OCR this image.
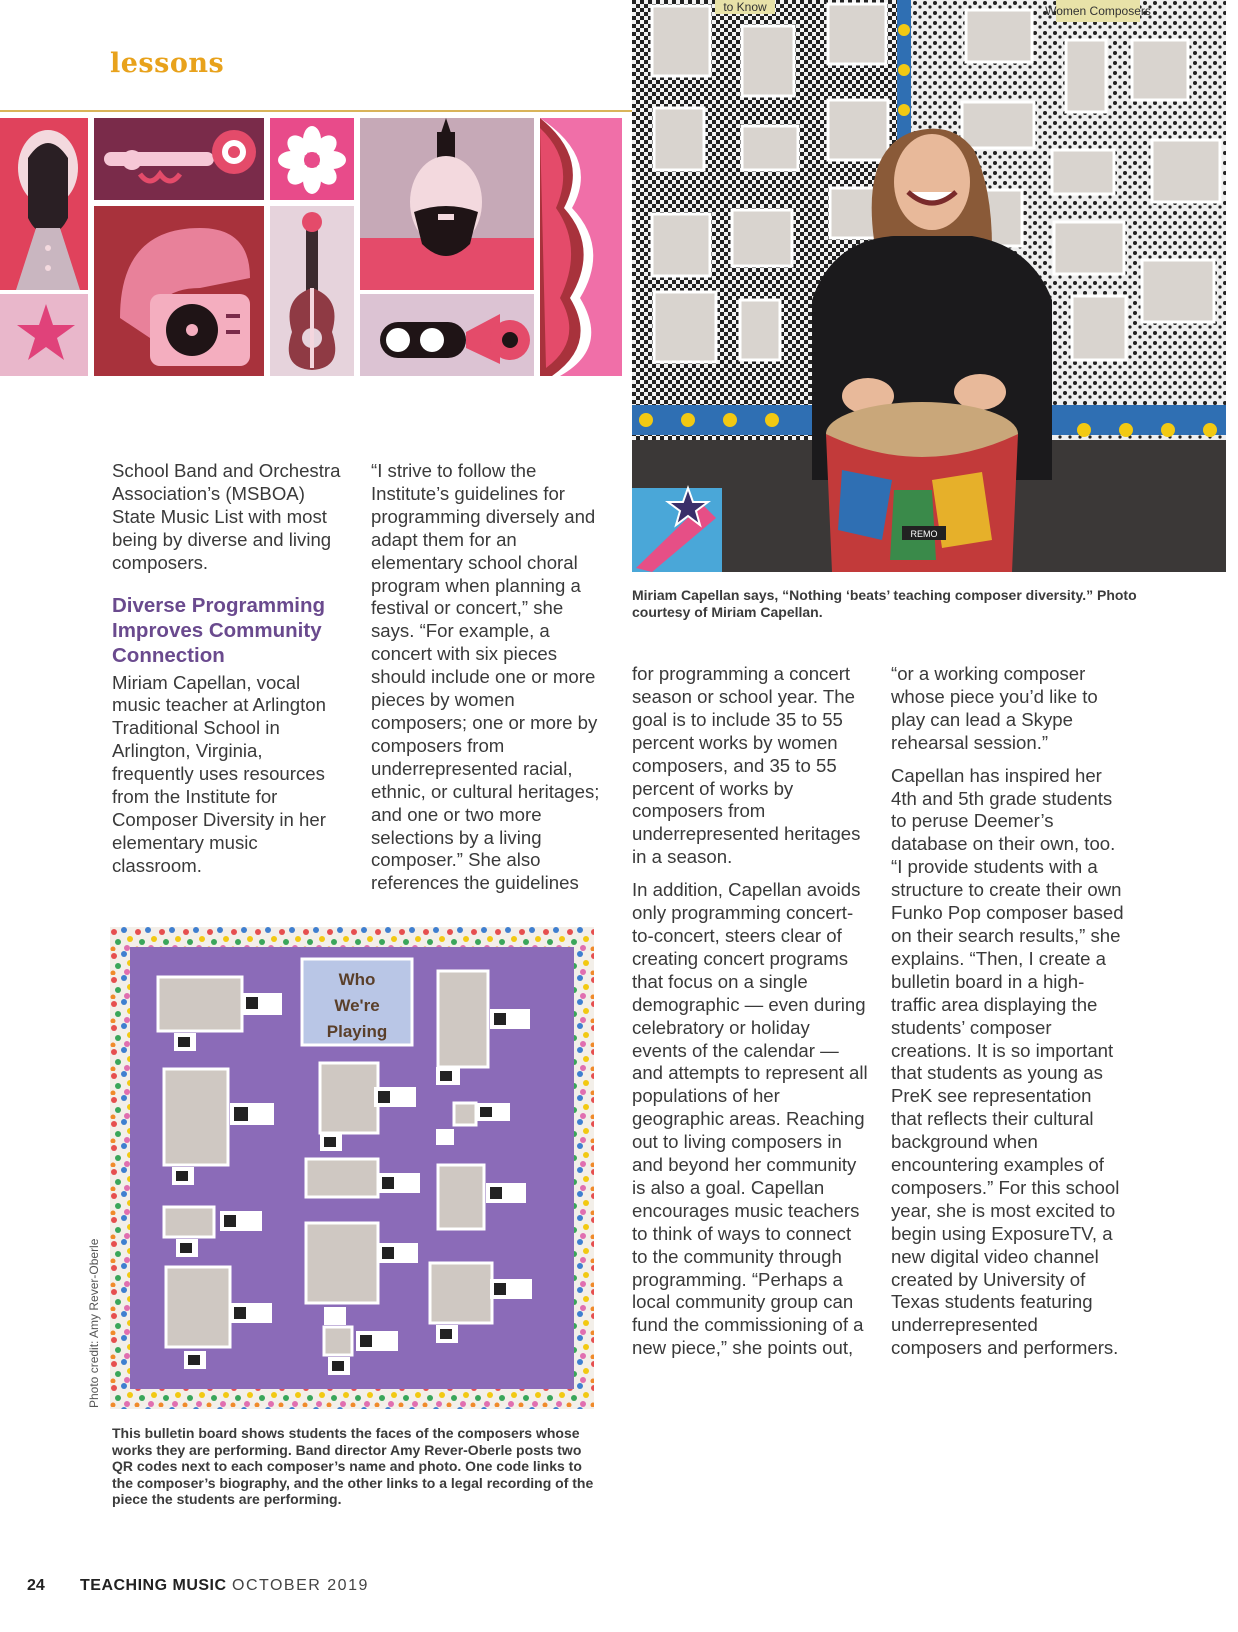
lessons
to Know	Women Composers
REMO
Miriam Capellan says, “Nothing ‘beats’ teaching composer diversity.” Photo courtesy of Miriam Capellan.

School Band and Orchestra Association’s (MSBOA) State Music List with most being by diverse and living composers.

Diverse Programming Improves Community Connection

Miriam Capellan, vocal music teacher at Arlington Traditional School in Arlington, Virginia, frequently uses resources from the Institute for Composer Diversity in her elementary music classroom.

“I strive to follow the Institute’s guidelines for programming diversely and adapt them for an elementary school choral program when planning a festival or concert,” she says. “For example, a concert with six pieces should include one or more pieces by women composers; one or more by composers from underrepresented racial, ethnic, or cultural heritages; and one or two more selections by a living composer.” She also references the guidelines

for programming a concert season or school year. The goal is to include 35 to 55 percent works by women composers, and 35 to 55 percent of works by composers from underrepresented heritages in a season.

In addition, Capellan avoids only programming concert-to-concert, steers clear of creating concert programs that focus on a single demographic — even during celebratory or holiday events of the calendar — and attempts to represent all populations of her geographic areas. Reaching out to living composers in and beyond her community is also a goal. Capellan encourages music teachers to think of ways to connect to the community through programming. “Perhaps a local community group can fund the commissioning of a new piece,” she points out,

“or a working composer whose piece you’d like to play can lead a Skype rehearsal session.”

Capellan has inspired her 4th and 5th grade students to peruse Deemer’s database on their own, too. “I provide students with a structure to create their own Funko Pop composer based on their search results,” she explains. “Then, I create a bulletin board in a high-traffic area displaying the students’ composer creations. It is so important that students as young as PreK see representation that reflects their cultural background when encountering examples of composers.” For this school year, she is most excited to begin using ExposureTV, a new digital video channel created by University of Texas students featuring underrepresented composers and performers.

Who
We're
Playing
Photo credit: Amy Rever-Oberle
This bulletin board shows students the faces of the composers whose works they are performing. Band director Amy Rever-Oberle posts two QR codes next to each composer’s name and photo. One code links to the composer’s biography, and the other links to a legal recording of the piece the students are performing.
24 TEACHING MUSIC OCTOBER 2019
